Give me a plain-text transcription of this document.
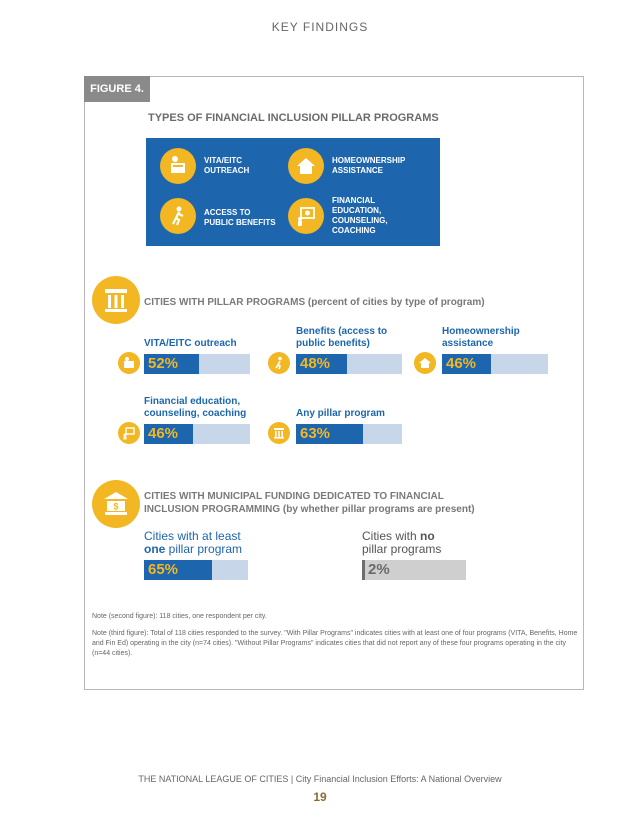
KEY FINDINGS
FIGURE 4.
TYPES OF FINANCIAL INCLUSION PILLAR PROGRAMS
VITA/EITC
OUTREACH
HOMEOWNERSHIP
ASSISTANCE
ACCESS TO
PUBLIC BENEFITS
FINANCIAL
EDUCATION,
COUNSELING,
COACHING
CITIES WITH PILLAR PROGRAMS (percent of cities by type of program)
VITA/EITC outreach
52%
Benefits (access to
public benefits)
48%
Homeownership
assistance
46%
Financial education,
counseling, coaching
46%
Any pillar program
63%
$
CITIES WITH MUNICIPAL FUNDING DEDICATED TO FINANCIAL
INCLUSION PROGRAMMING (by whether pillar programs are present)
Cities with at least
one pillar program
65%
Cities with no
pillar programs
2%
Note (second figure): 118 cities, one respondent per city.
Note (third figure): Total of 118 cities responded to the survey. "With Pillar Programs" indicates cities with at least one of four programs (VITA, Benefits, Home and Fin Ed) operating in the city (n=74 cities). "Without Pillar Programs" indicates cities that did not report any of these four programs operating in the city (n=44 cities).
THE NATIONAL LEAGUE OF CITIES | City Financial Inclusion Efforts: A National Overview
19
